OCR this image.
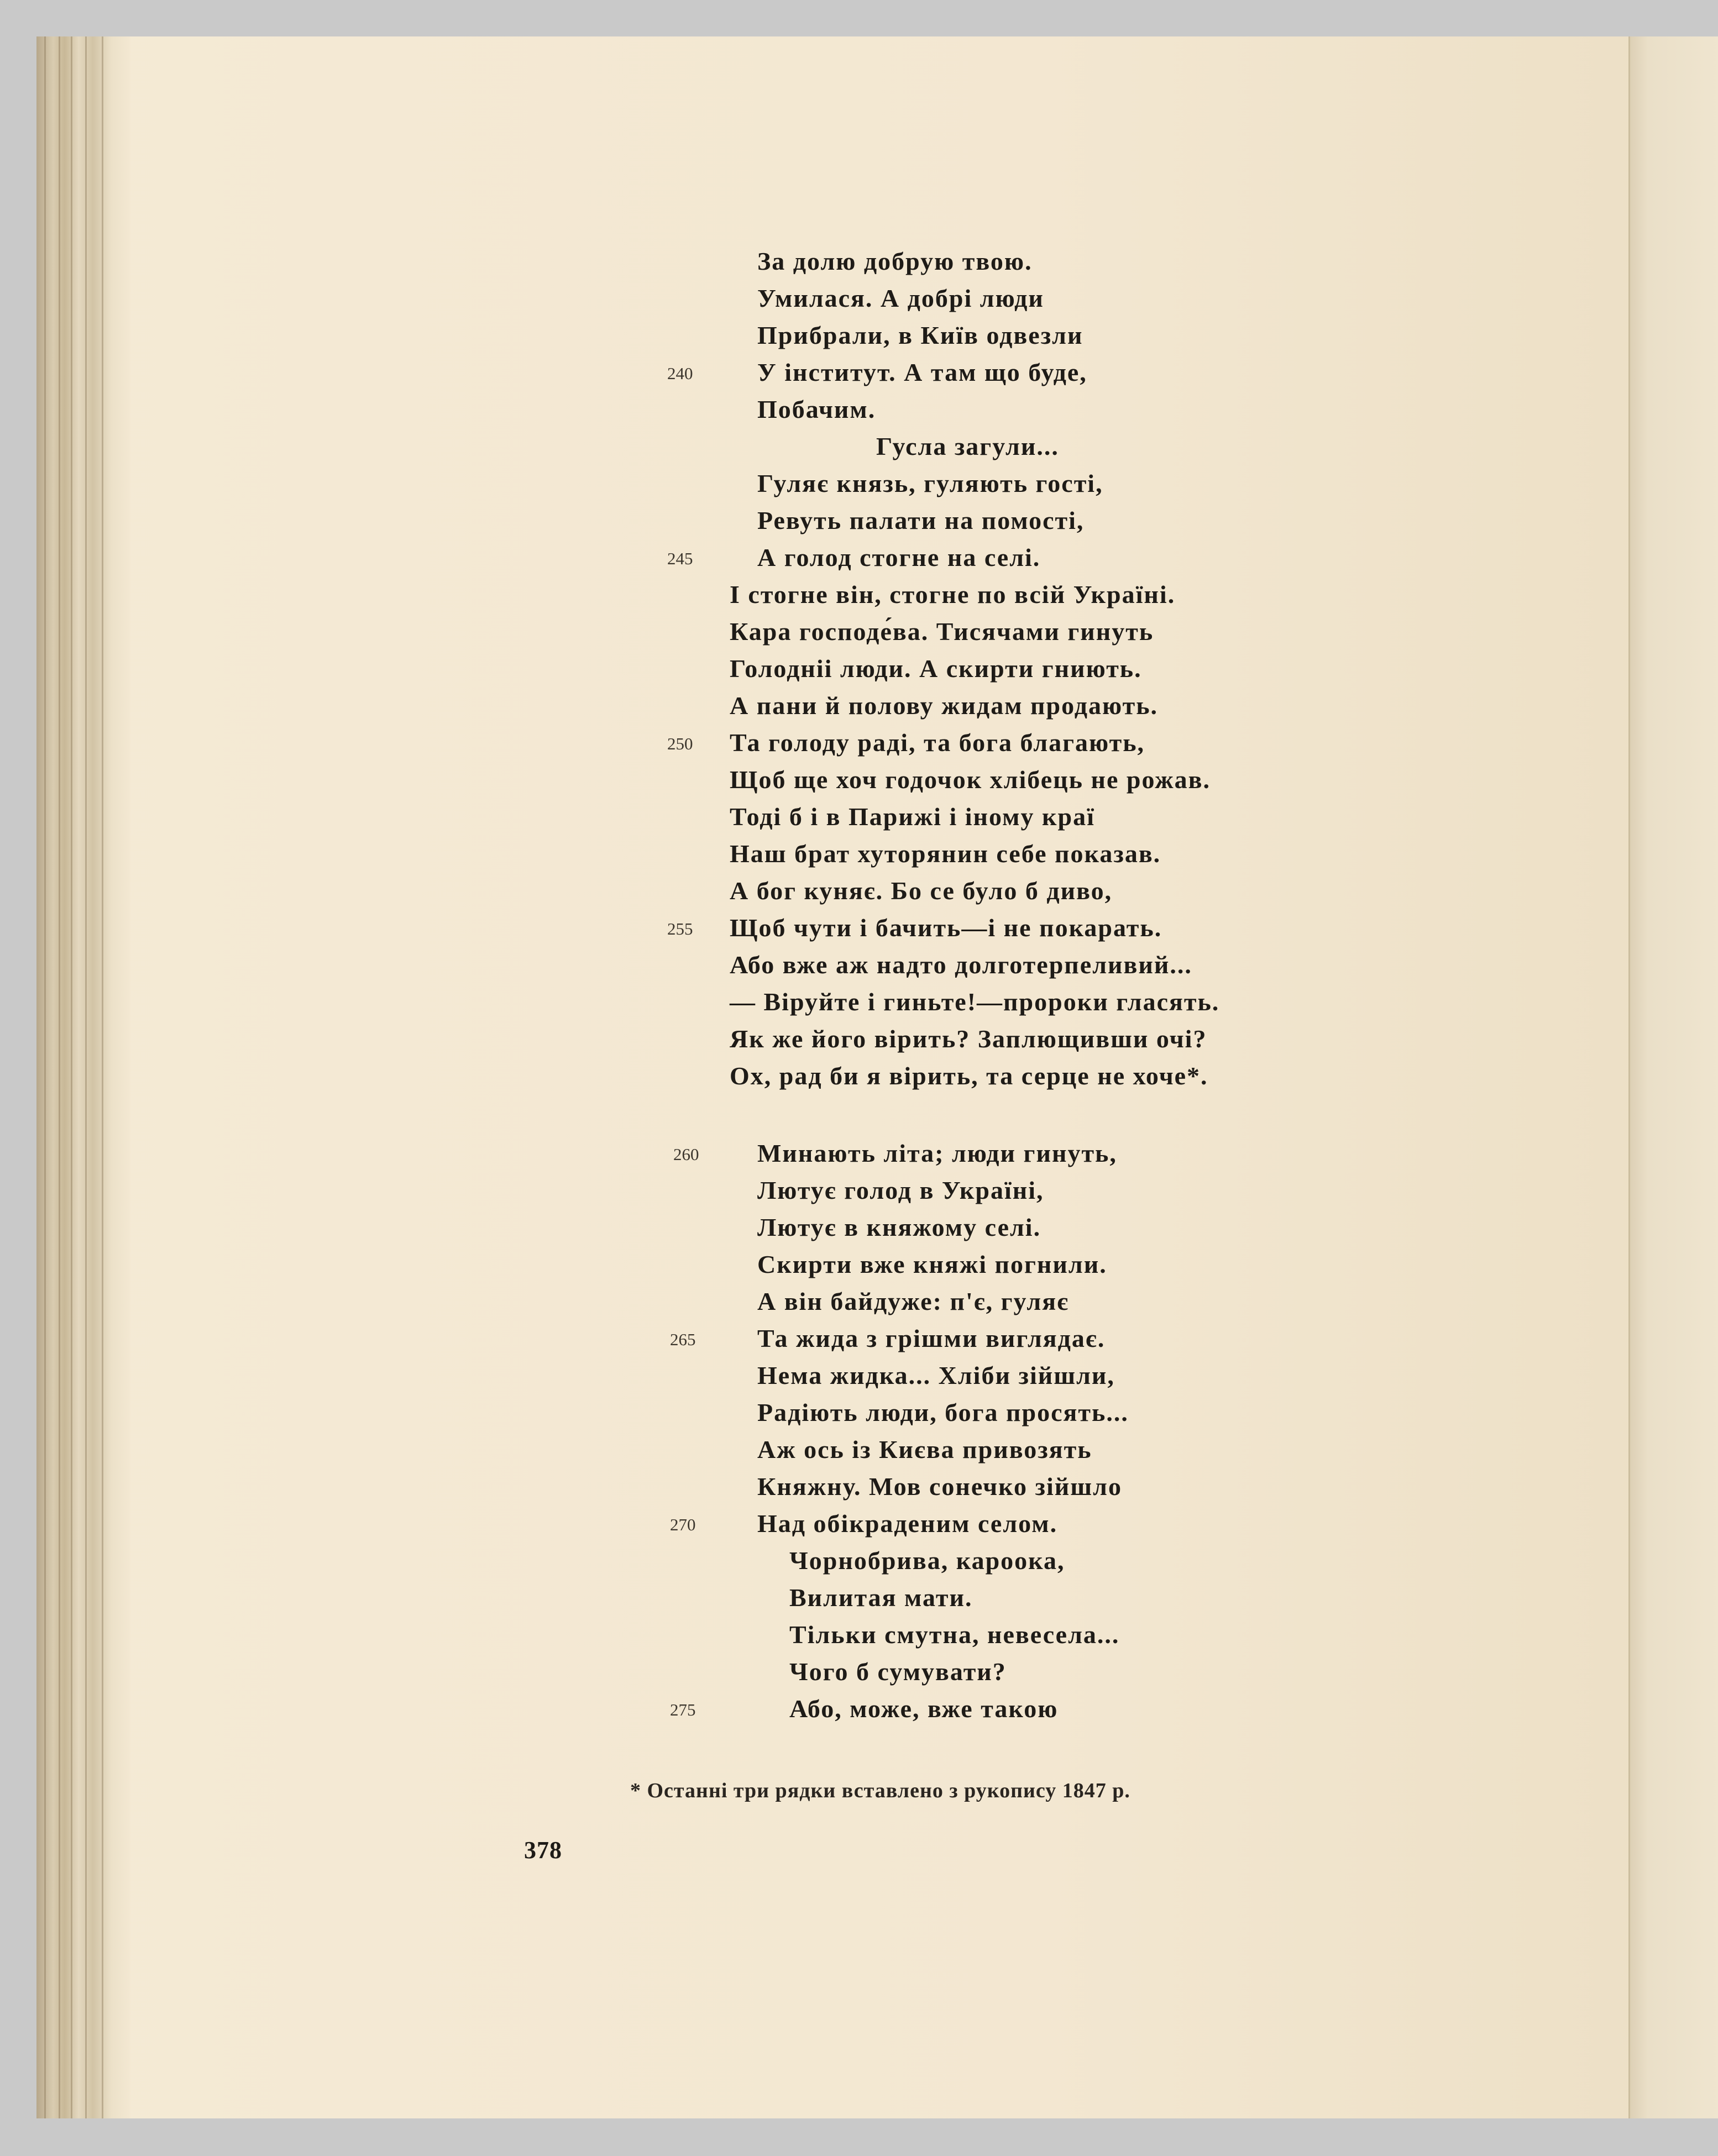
За долю добрую твою.
Умилася. А добрі люди
Прибрали, в Київ одвезли
У інститут. А там що буде,
Побачим.
Гусла загули...
Гуляє князь, гуляють гості,
Ревуть палати на помості,
А голод стогне на селі.
І стогне він, стогне по всій Україні.
Кара господе́ва. Тисячами гинуть
Голодніі люди. А скирти гниють.
А пани й полову жидам продають.
Та голоду раді, та бога благають,
Щоб ще хоч годочок хлібець не рожав.
Тоді б і в Парижі і іному краї
Наш брат хуторянин себе показав.
А бог куняє. Бо се було б диво,
Щоб чути і бачить—і не покарать.
Або вже аж надто долготерпеливий...
— Віруйте і гиньте!—пророки гласять.
Як же його вірить? Заплющивши очі?
Ох, рад би я вірить, та серце не хоче*.
Минають літа; люди гинуть,
Лютує голод в Україні,
Лютує в княжому селі.
Скирти вже княжі погнили.
А він байдуже: п'є, гуляє
Та жида з грішми виглядає.
Нема жидка... Хліби зійшли,
Радіють люди, бога просять...
Аж ось із Києва привозять
Княжну. Мов сонечко зійшло
Над обікраденим селом.
Чорнобрива, кароока,
Вилитая мати.
Тільки смутна, невесела...
Чого б сумувати?
Або, може, вже такою
240
245
250
255
260
265
270
275
* Останні три рядки вставлено з рукопису 1847 р.
378
